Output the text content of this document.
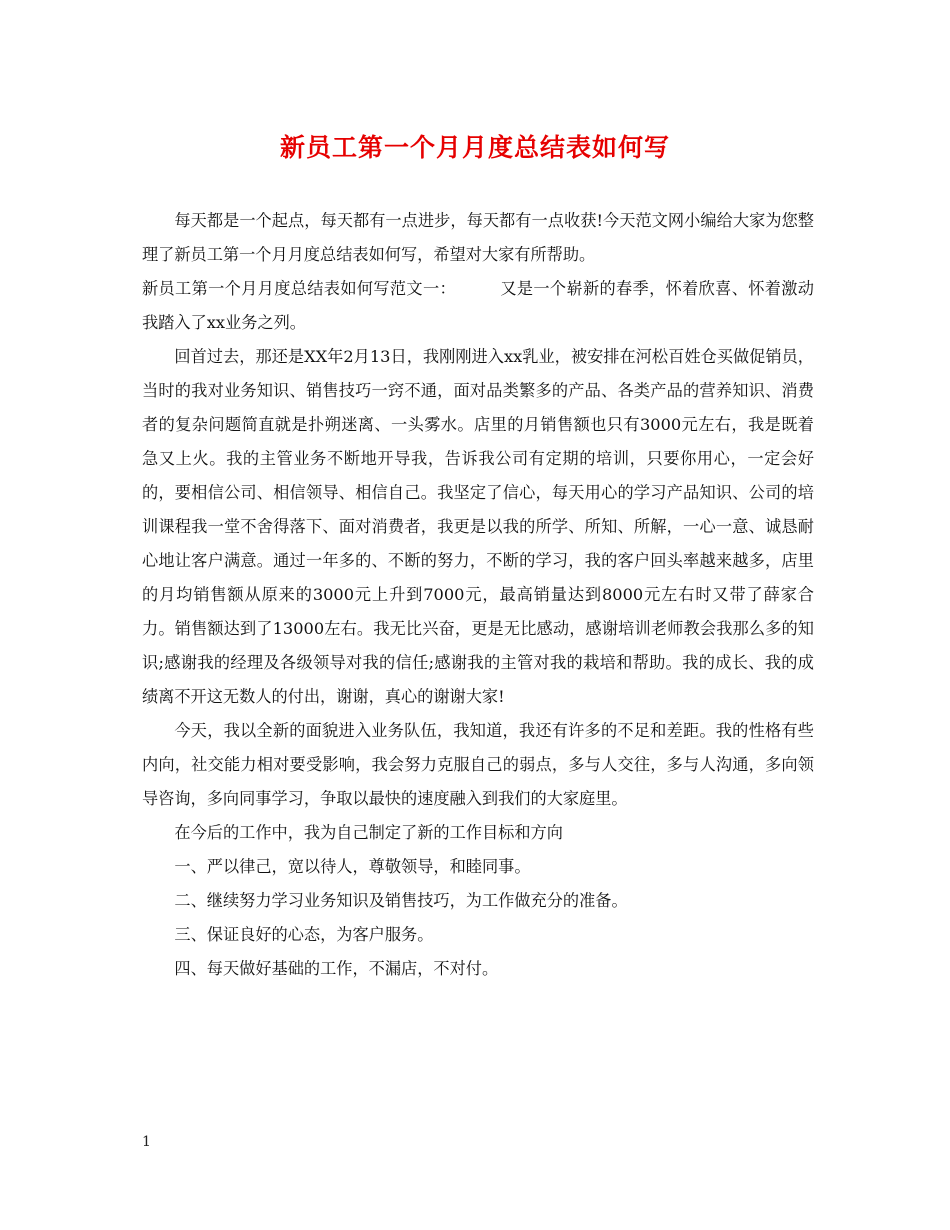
新员工第一个月月度总结表如何写

每天都是一个起点，每天都有一点进步，每天都有一点收获!今天范文网小编给大家为您整理了新员工第一个月月度总结表如何写，希望对大家有所帮助。

新员工第一个月月度总结表如何写范文一：	又是一个崭新的春季，怀着欣喜、怀着激动我踏入了xx业务之列。

回首过去，那还是XX年2月13日，我刚刚进入xx乳业，被安排在河松百姓仓买做促销员，当时的我对业务知识、销售技巧一窍不通，面对品类繁多的产品、各类产品的营养知识、消费者的复杂问题简直就是扑朔迷离、一头雾水。店里的月销售额也只有3000元左右，我是既着急又上火。我的主管业务不断地开导我，告诉我公司有定期的培训，只要你用心，一定会好的，要相信公司、相信领导、相信自己。我坚定了信心，每天用心的学习产品知识、公司的培训课程我一堂不舍得落下、面对消费者，我更是以我的所学、所知、所解，一心一意、诚恳耐心地让客户满意。通过一年多的、不断的努力，不断的学习，我的客户回头率越来越多，店里的月均销售额从原来的3000元上升到7000元，最高销量达到8000元左右时又带了薛家合力。销售额达到了13000左右。我无比兴奋，更是无比感动，感谢培训老师教会我那么多的知识;感谢我的经理及各级领导对我的信任;感谢我的主管对我的栽培和帮助。我的成长、我的成绩离不开这无数人的付出，谢谢，真心的谢谢大家!

今天，我以全新的面貌进入业务队伍，我知道，我还有许多的不足和差距。我的性格有些内向，社交能力相对要受影响，我会努力克服自己的弱点，多与人交往，多与人沟通，多向领导咨询，多向同事学习，争取以最快的速度融入到我们的大家庭里。

在今后的工作中，我为自己制定了新的工作目标和方向

一、严以律己，宽以待人，尊敬领导，和睦同事。

二、继续努力学习业务知识及销售技巧，为工作做充分的准备。

三、保证良好的心态，为客户服务。

四、每天做好基础的工作，不漏店，不对付。

1
